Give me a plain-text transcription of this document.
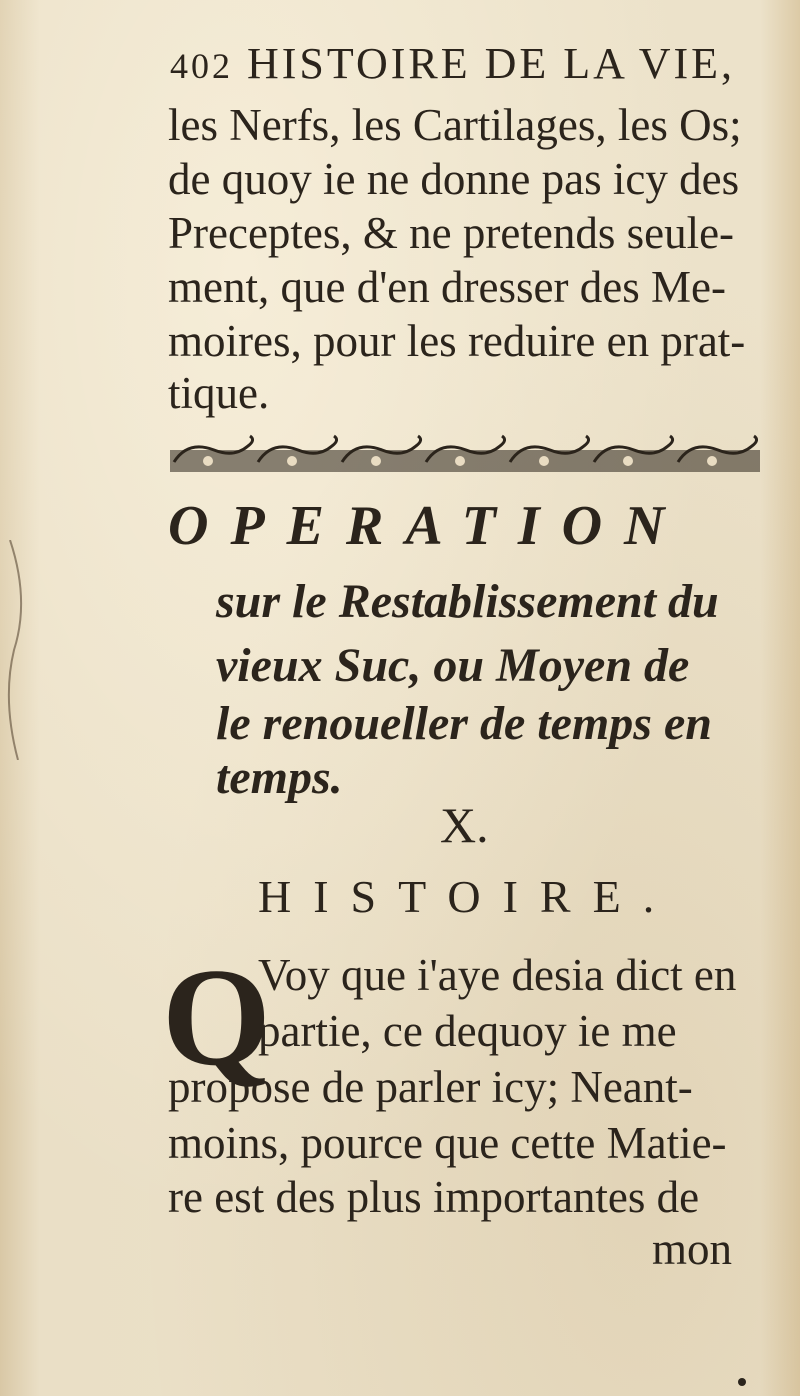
402 HISTOIRE DE LA VIE,
les Nerfs, les Cartilages, les Os;
de quoy ie ne donne pas icy des
Preceptes, & ne pretends seule-
ment, que d'en dresser des Me-
moires, pour les reduire en prat-
tique.
OPERATION
sur le Restablissement du
vieux Suc, ou Moyen de
le renoueller de temps en
temps.
X.
HISTOIRE.
Q
Voy que i'aye desia dict en
partie, ce dequoy ie me
propose de parler icy; Neant-
moins, pource que cette Matie-
re est des plus importantes de
mon
